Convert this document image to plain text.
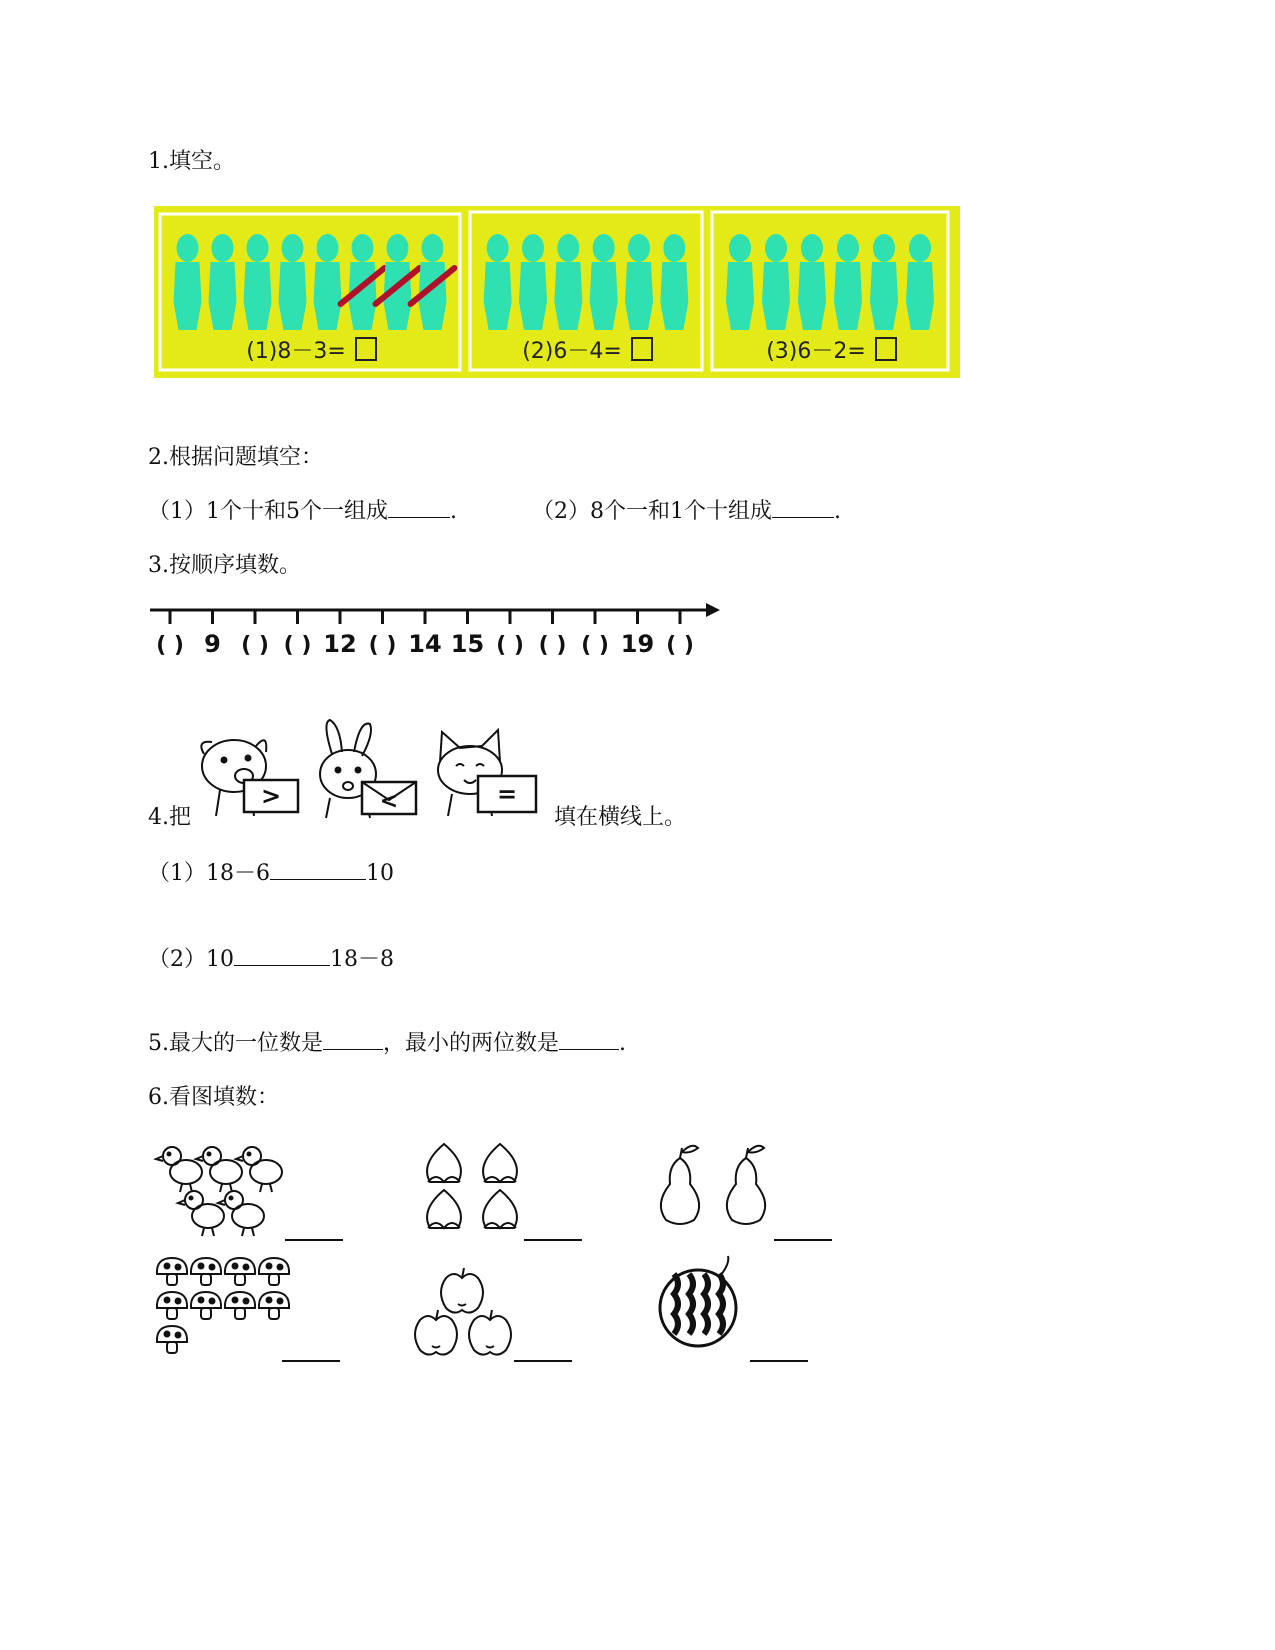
1.填空。
(1)8－3=	(2)6－4=	(3)6－2=
2.根据问题填空：
（1）1个十和5个一组成	.	（2）8个一和1个十组成	.
3.按顺序填数。
( ) 9 ( ) ( ) 12 ( ) 14 15 ( ) ( ) ( ) 19 ( )
4.把
>	<	=
填在横线上。
（1）18－6	10
（2）10	18－8
5.最大的一位数是	，最小的两位数是	.
6.看图填数：
